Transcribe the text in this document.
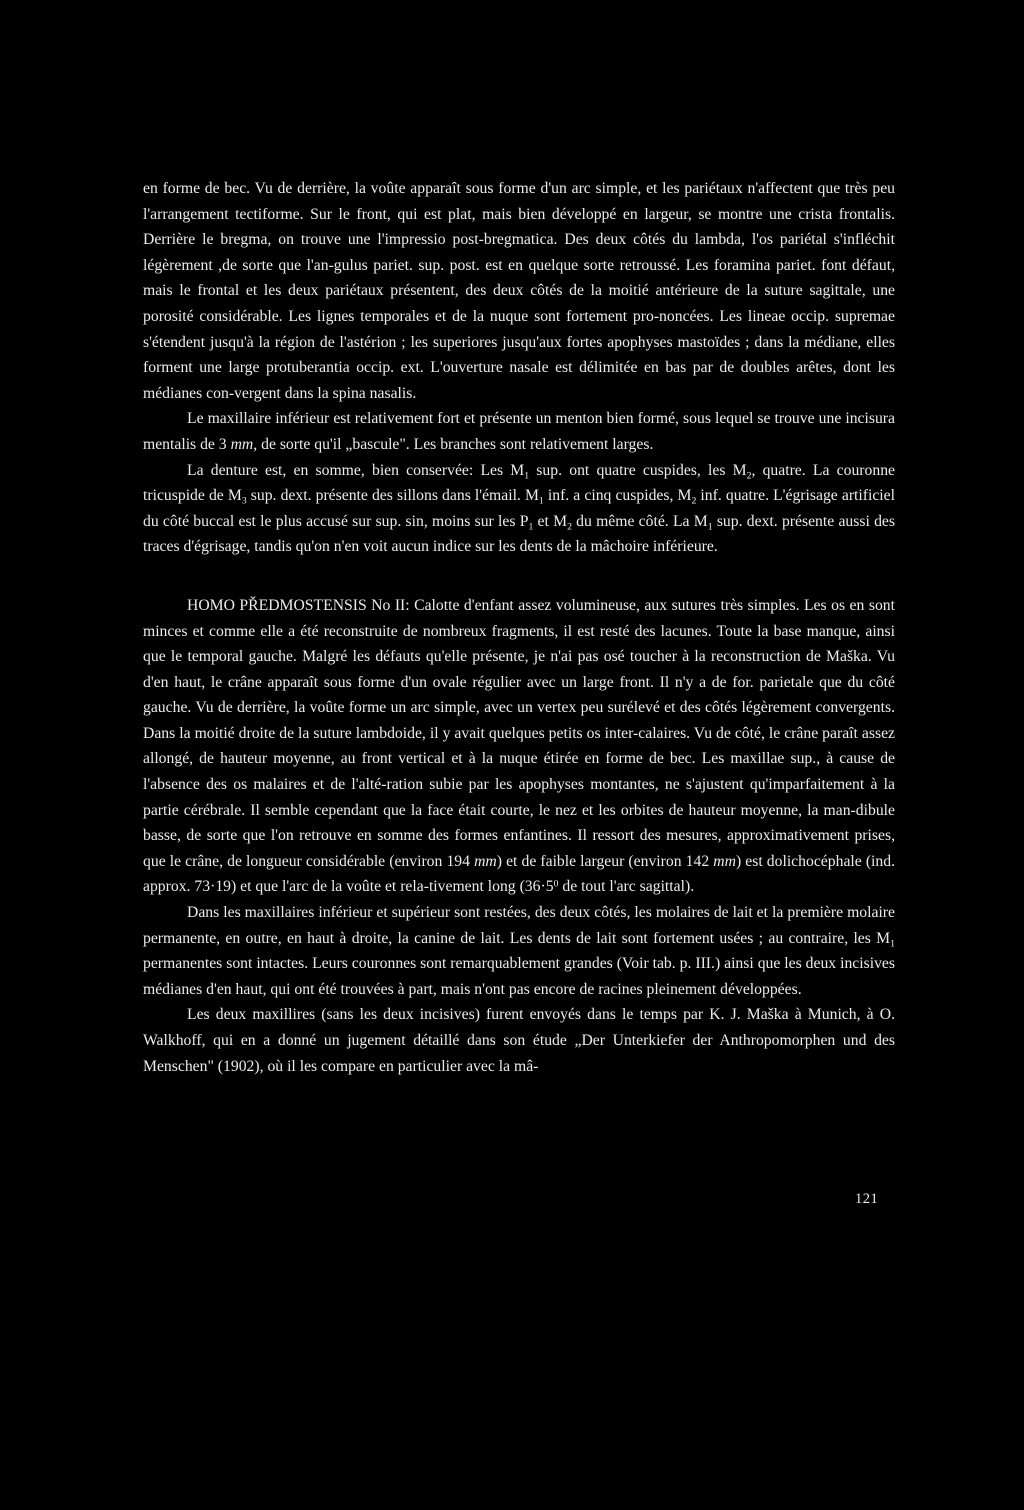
en forme de bec. Vu de derrière, la voûte apparaît sous forme d'un arc simple, et les pariétaux n'affectent que très peu l'arrangement tectiforme. Sur le front, qui est plat, mais bien développé en largeur, se montre une crista frontalis. Derrière le bregma, on trouve une l'impressio post-bregmatica. Des deux côtés du lambda, l'os pariétal s'infléchit légèrement ,de sorte que l'an-gulus pariet. sup. post. est en quelque sorte retroussé. Les foramina pariet. font défaut, mais le frontal et les deux pariétaux présentent, des deux côtés de la moitié antérieure de la suture sagittale, une porosité considérable. Les lignes temporales et de la nuque sont fortement pro-noncées. Les lineae occip. supremae s'étendent jusqu'à la région de l'astérion ; les superiores jusqu'aux fortes apophyses mastoïdes ; dans la médiane, elles forment une large protuberantia occip. ext. L'ouverture nasale est délimitée en bas par de doubles arêtes, dont les médianes con-vergent dans la spina nasalis.

Le maxillaire inférieur est relativement fort et présente un menton bien formé, sous lequel se trouve une incisura mentalis de 3 mm, de sorte qu'il „bascule". Les branches sont relativement larges.

La denture est, en somme, bien conservée: Les $M_1$ sup. ont quatre cuspides, les $M_2$, quatre. La couronne tricuspide de $M_3$ sup. dext. présente des sillons dans l'émail. $M_1$ inf. a cinq cuspides, $M_2$ inf. quatre. L'égrisage artificiel du côté buccal est le plus accusé sur sup. sin, moins sur les $P_1$ et $M_2$ du même côté. La $M_1$ sup. dext. présente aussi des traces d'égrisage, tandis qu'on n'en voit aucun indice sur les dents de la mâchoire inférieure.

HOMO PŘEDMOSTENSIS No II: Calotte d'enfant assez volumineuse, aux sutures très simples. Les os en sont minces et comme elle a été reconstruite de nombreux fragments, il est resté des lacunes. Toute la base manque, ainsi que le temporal gauche. Malgré les défauts qu'elle présente, je n'ai pas osé toucher à la reconstruction de Maška. Vu d'en haut, le crâne apparaît sous forme d'un ovale régulier avec un large front. Il n'y a de for. parietale que du côté gauche. Vu de derrière, la voûte forme un arc simple, avec un vertex peu surélevé et des côtés légèrement convergents. Dans la moitié droite de la suture lambdoide, il y avait quelques petits os inter-calaires. Vu de côté, le crâne paraît assez allongé, de hauteur moyenne, au front vertical et à la nuque étirée en forme de bec. Les maxillae sup., à cause de l'absence des os malaires et de l'alté-ration subie par les apophyses montantes, ne s'ajustent qu'imparfaitement à la partie cérébrale. Il semble cependant que la face était courte, le nez et les orbites de hauteur moyenne, la man-dibule basse, de sorte que l'on retrouve en somme des formes enfantines. Il ressort des mesures, approximativement prises, que le crâne, de longueur considérable (environ 194 mm) et de faible largeur (environ 142 mm) est dolichocéphale (ind. approx. 73·19) et que l'arc de la voûte et rela-tivement long ($36\cdot 5^0$ de tout l'arc sagittal).

Dans les maxillaires inférieur et supérieur sont restées, des deux côtés, les molaires de lait et la première molaire permanente, en outre, en haut à droite, la canine de lait. Les dents de lait sont fortement usées ; au contraire, les $M_1$ permanentes sont intactes. Leurs couronnes sont remarquablement grandes (Voir tab. p. III.) ainsi que les deux incisives médianes d'en haut, qui ont été trouvées à part, mais n'ont pas encore de racines pleinement développées.

Les deux maxillires (sans les deux incisives) furent envoyés dans le temps par K. J. Maška à Munich, à O. Walkhoff, qui en a donné un jugement détaillé dans son étude „Der Unterkiefer der Anthropomorphen und des Menschen" (1902), où il les compare en particulier avec la mâ-

121
